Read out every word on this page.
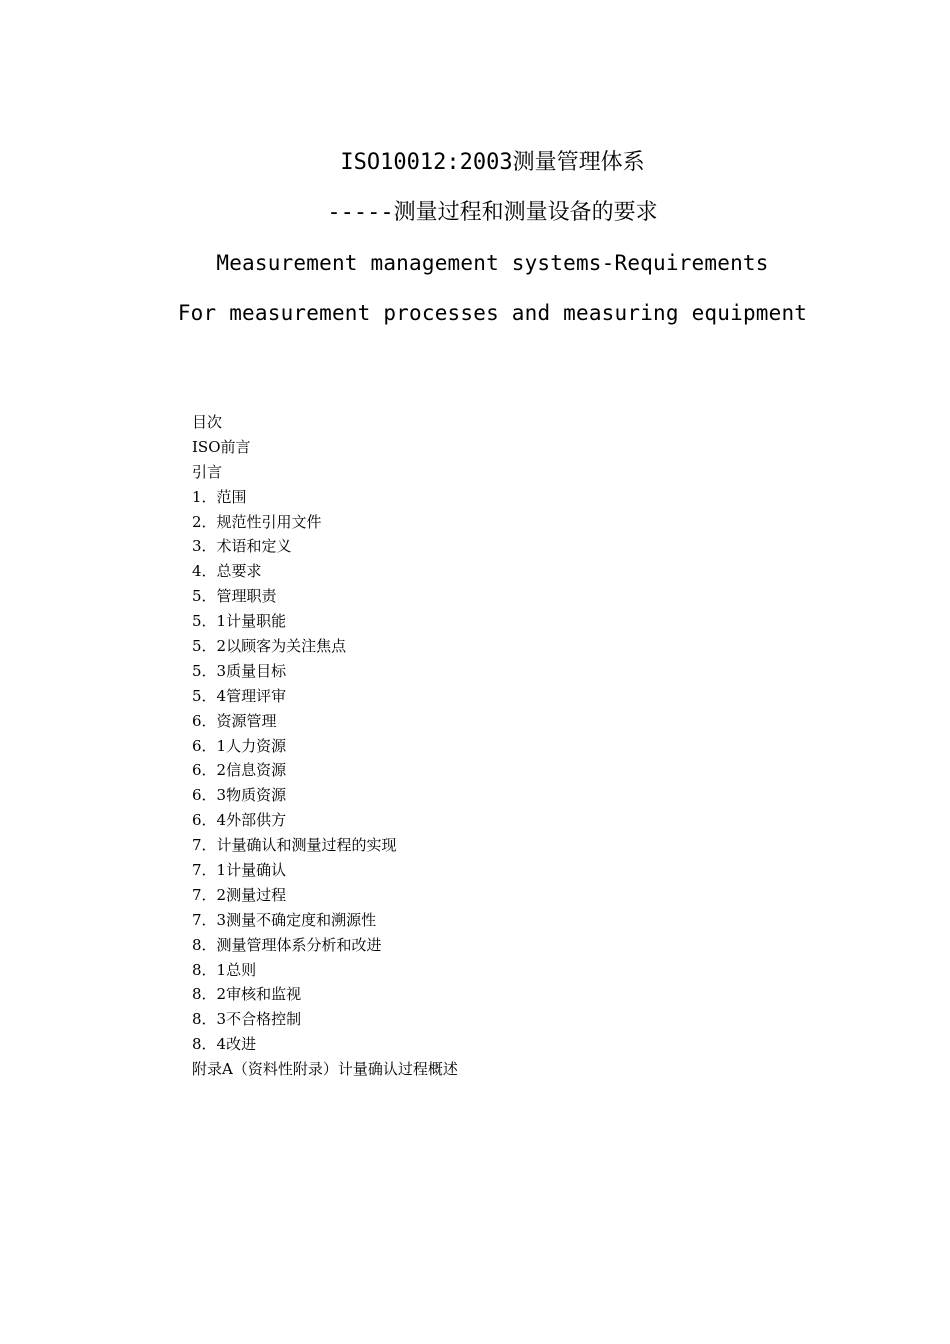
ISO10012:2003测量管理体系
-----测量过程和测量设备的要求
Measurement management systems-Requirements
For measurement processes and measuring equipment
目次
ISO前言
引言
1．范围
2．规范性引用文件
3．术语和定义
4．总要求
5．管理职责
5．1计量职能
5．2以顾客为关注焦点
5．3质量目标
5．4管理评审
6．资源管理
6．1人力资源
6．2信息资源
6．3物质资源
6．4外部供方
7．计量确认和测量过程的实现
7．1计量确认
7．2测量过程
7．3测量不确定度和溯源性
8．测量管理体系分析和改进
8．1总则
8．2审核和监视
8．3不合格控制
8．4改进
附录A（资料性附录）计量确认过程概述
